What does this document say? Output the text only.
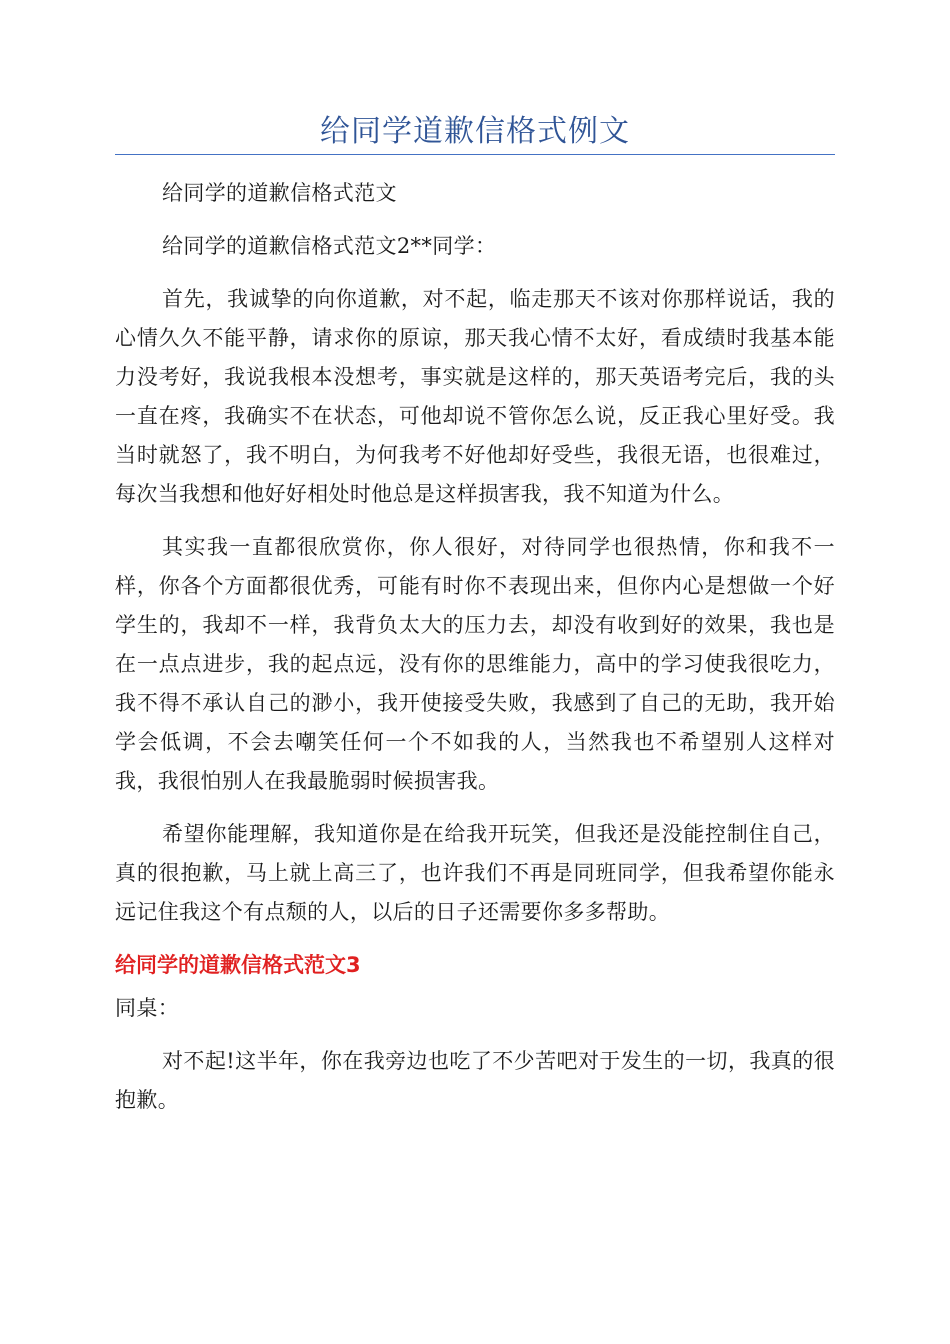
给同学道歉信格式例文

给同学的道歉信格式范文

给同学的道歉信格式范文2**同学：

首先，我诚挚的向你道歉，对不起，临走那天不该对你那样说话，我的心情久久不能平静，请求你的原谅，那天我心情不太好，看成绩时我基本能力没考好，我说我根本没想考，事实就是这样的，那天英语考完后，我的头一直在疼，我确实不在状态，可他却说不管你怎么说，反正我心里好受。我当时就怒了，我不明白，为何我考不好他却好受些，我很无语，也很难过，每次当我想和他好好相处时他总是这样损害我，我不知道为什么。

其实我一直都很欣赏你，你人很好，对待同学也很热情，你和我不一样，你各个方面都很优秀，可能有时你不表现出来，但你内心是想做一个好学生的，我却不一样，我背负太大的压力去，却没有收到好的效果，我也是在一点点进步，我的起点远，没有你的思维能力，高中的学习使我很吃力，我不得不承认自己的渺小，我开使接受失败，我感到了自己的无助，我开始学会低调，不会去嘲笑任何一个不如我的人，当然我也不希望别人这样对我，我很怕别人在我最脆弱时候损害我。

希望你能理解，我知道你是在给我开玩笑，但我还是没能控制住自己，真的很抱歉，马上就上高三了，也许我们不再是同班同学，但我希望你能永远记住我这个有点颓的人，以后的日子还需要你多多帮助。

给同学的道歉信格式范文3

同桌：

对不起!这半年，你在我旁边也吃了不少苦吧对于发生的一切，我真的很抱歉。
